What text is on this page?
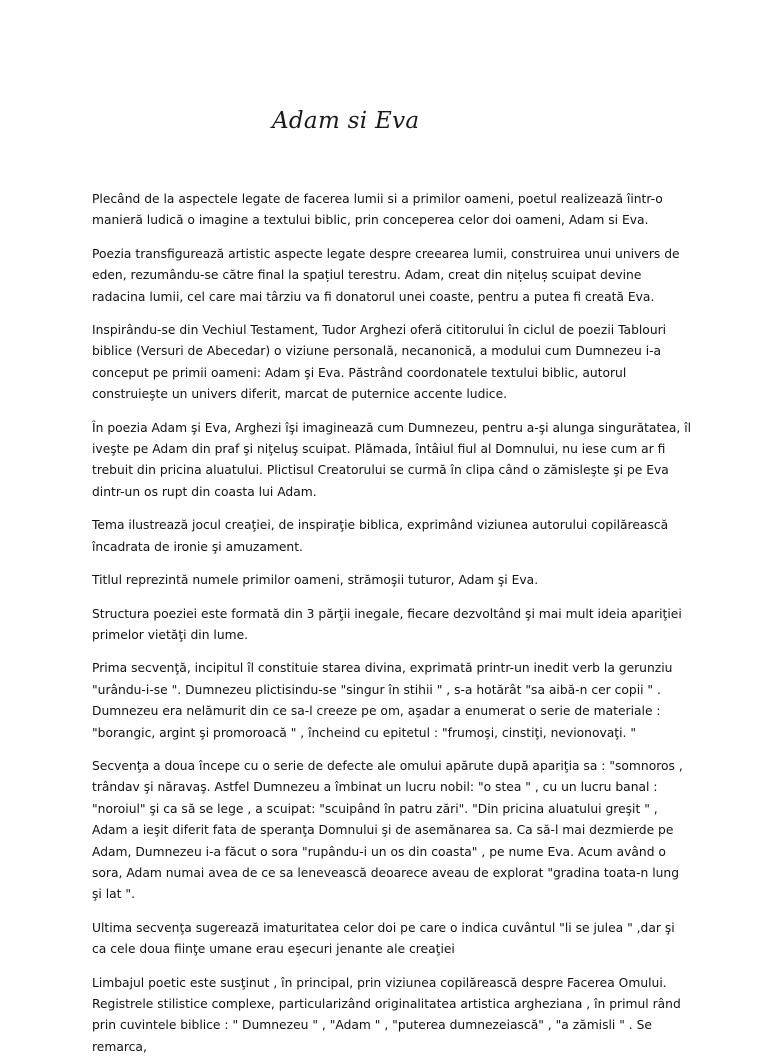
Adam si Eva

Plecând de la aspectele legate de facerea lumii si a primilor oameni, poetul realizează îintr-o manieră ludică o imagine a textului biblic, prin conceperea celor doi oameni, Adam si Eva.

Poezia transfigurează artistic aspecte legate despre creearea lumii, construirea unui univers de eden, rezumându-se către final la spațiul terestru. Adam, creat din nițeluș scuipat devine radacina lumii, cel care mai târziu va fi donatorul unei coaste, pentru a putea fi creată Eva.

Inspirându-se din Vechiul Testament, Tudor Arghezi oferă cititorului în ciclul de poezii Tablouri biblice (Versuri de Abecedar) o viziune personală, necanonică, a modului cum Dumnezeu i-a conceput pe primii oameni: Adam şi Eva. Păstrând coordonatele textului biblic, autorul construieşte un univers diferit, marcat de puternice accente ludice.

În poezia Adam şi Eva, Arghezi îşi imaginează cum Dumnezeu, pentru a-şi alunga singurătatea, îl iveşte pe Adam din praf şi niţeluş scuipat. Plămada, întâiul fiul al Domnului, nu iese cum ar fi trebuit din pricina aluatului. Plictisul Creatorului se curmă în clipa când o zămisleşte şi pe Eva dintr-un os rupt din coasta lui Adam.

Tema ilustrează jocul creaţiei, de inspiraţie biblica, exprimând viziunea autorului copilărească încadrata de ironie şi amuzament.

Titlul reprezintă numele primilor oameni, strămoşii tuturor, Adam şi Eva.

Structura poeziei este formată din 3 părţii inegale, fiecare dezvoltând şi mai mult ideia apariţiei primelor vietăţi din lume.

Prima secvenţă, incipitul îl constituie starea divina, exprimată printr-un inedit verb la gerunziu "urându-i-se ". Dumnezeu plictisindu-se "singur în stihii " , s-a hotărât "sa aibă-n cer copii " . Dumnezeu era nelămurit din ce sa-l creeze pe om, aşadar a enumerat o serie de materiale : "borangic, argint şi promoroacă " , încheind cu epitetul : "frumoşi, cinstiţi, nevionovaţi. "

Secvenţa a doua începe cu o serie de defecte ale omului apărute după apariţia sa : "somnoros , trândav şi năravaş. Astfel Dumnezeu a îmbinat un lucru nobil: "o stea " , cu un lucru banal : "noroiul" şi ca să se lege , a scuipat: "scuipând în patru zări". "Din pricina aluatului greşit " , Adam a ieşit diferit fata de speranţa Domnului şi de asemănarea sa. Ca să-l mai dezmierde pe Adam, Dumnezeu i-a făcut o sora "rupându-i un os din coasta" , pe nume Eva. Acum având o sora, Adam numai avea de ce sa lenevească deoarece aveau de explorat "gradina toata-n lung şi lat ".

Ultima secvenţa sugerează imaturitatea celor doi pe care o indica cuvântul "li se julea " ,dar şi ca cele doua fiinţe umane erau eşecuri jenante ale creaţiei

Limbajul poetic este susţinut , în principal, prin viziunea copilărească despre Facerea Omului. Registrele stilistice complexe, particularizând originalitatea artistica argheziana , în primul rând prin cuvintele biblice : " Dumnezeu " , "Adam " , "puterea dumnezeiască" , "a zămisli " . Se remarca,
